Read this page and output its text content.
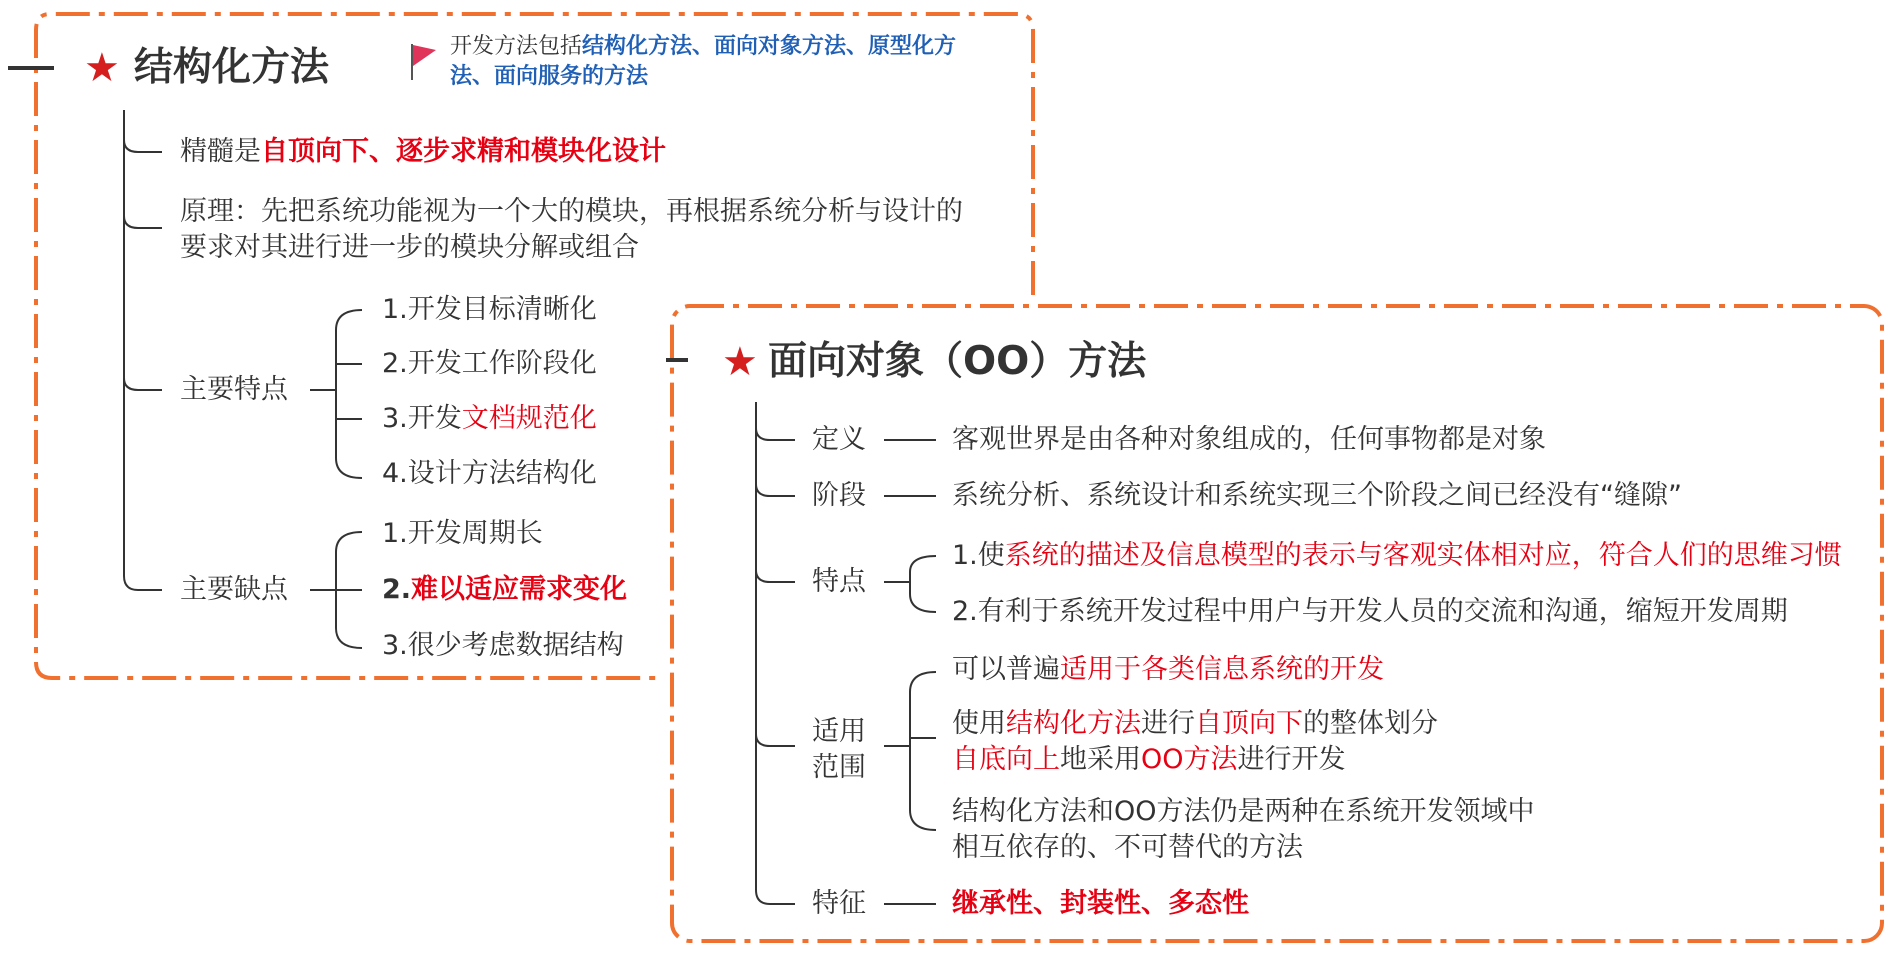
★ 结构化方法	开发方法包括结构化方法、面向对象方法、原型化方
法、面向服务的方法
精髓是自顶向下、逐步求精和模块化设计
原理：先把系统功能视为一个大的模块，再根据系统分析与设计的
要求对其进行进一步的模块分解或组合
主要特点
1.开发目标清晰化
2.开发工作阶段化
3.开发文档规范化
4.设计方法结构化
主要缺点
1.开发周期长
2.难以适应需求变化
3.很少考虑数据结构
★ 面向对象（OO）方法
定义	客观世界是由各种对象组成的，任何事物都是对象
阶段	系统分析、系统设计和系统实现三个阶段之间已经没有“缝隙”
特点
1.使系统的描述及信息模型的表示与客观实体相对应，符合人们的思维习惯
2.有利于系统开发过程中用户与开发人员的交流和沟通，缩短开发周期
适用
范围
可以普遍适用于各类信息系统的开发
使用结构化方法进行自顶向下的整体划分
自底向上地采用OO方法进行开发
结构化方法和OO方法仍是两种在系统开发领域中
相互依存的、不可替代的方法
特征	继承性、封装性、多态性
